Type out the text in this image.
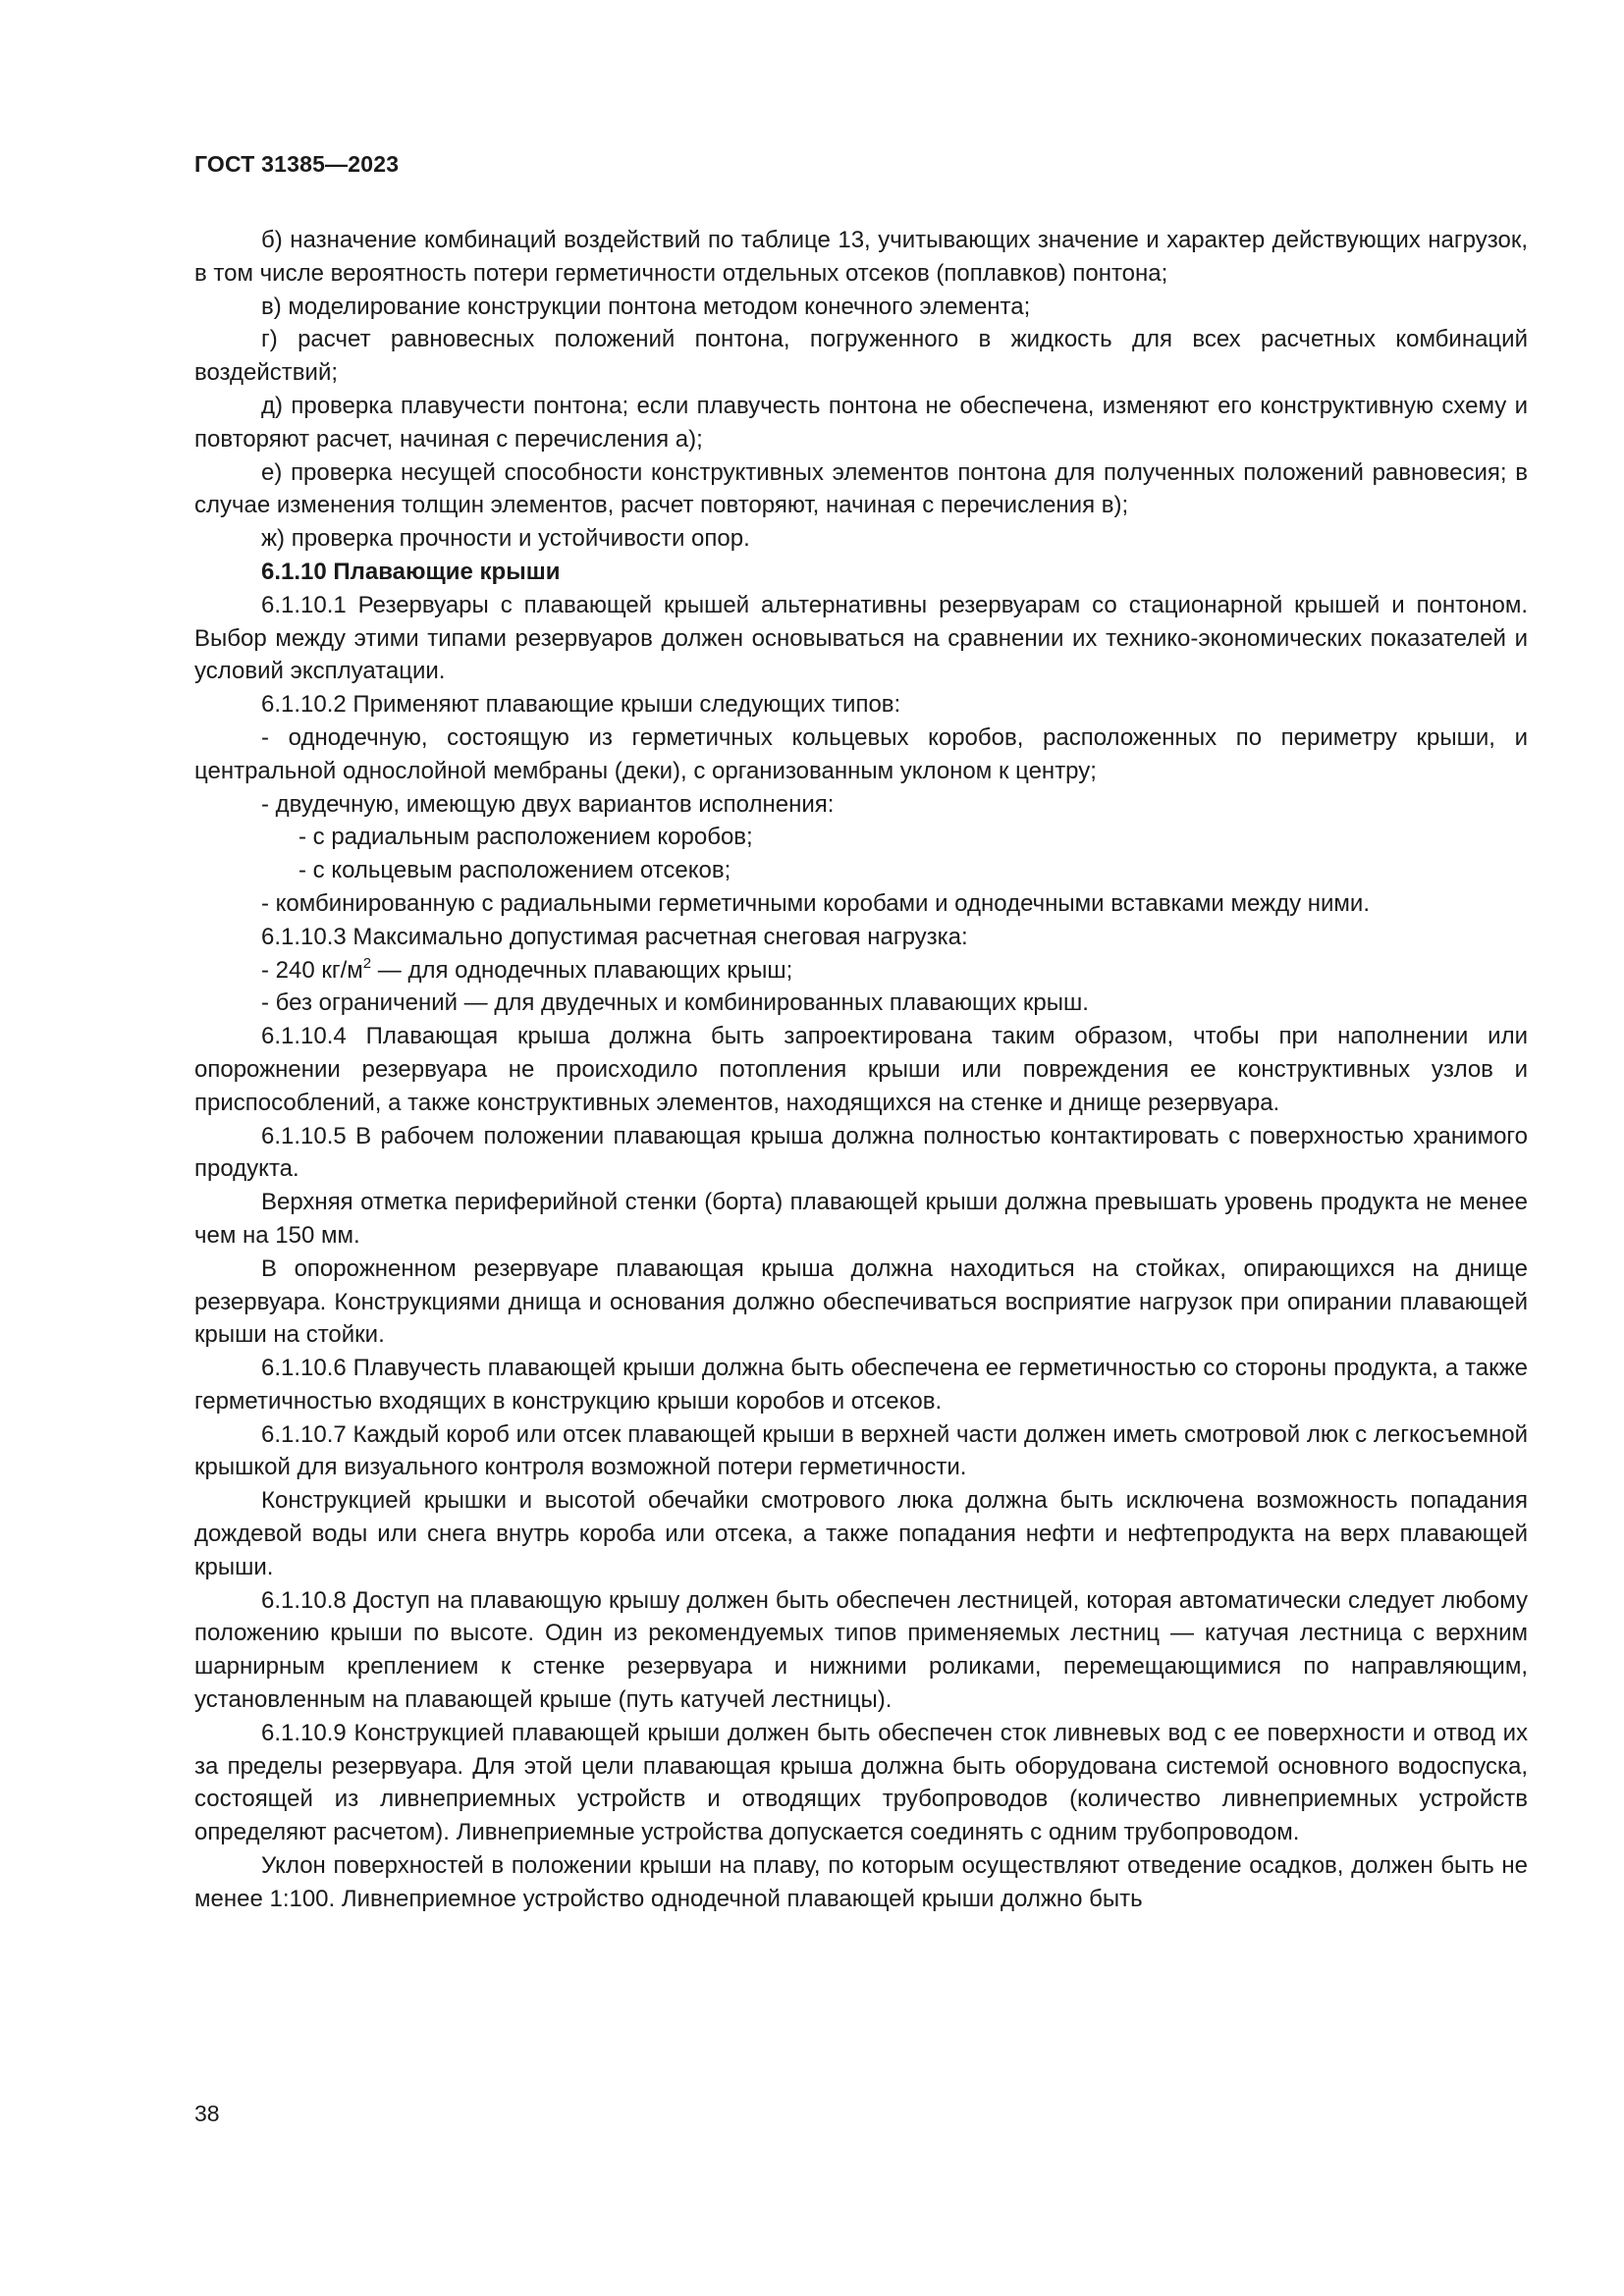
ГОСТ 31385—2023

б) назначение комбинаций воздействий по таблице 13, учитывающих значение и характер действующих нагрузок, в том числе вероятность потери герметичности отдельных отсеков (поплавков) понтона;

в) моделирование конструкции понтона методом конечного элемента;

г) расчет равновесных положений понтона, погруженного в жидкость для всех расчетных комбинаций воздействий;

д) проверка плавучести понтона; если плавучесть понтона не обеспечена, изменяют его конструктивную схему и повторяют расчет, начиная с перечисления а);

е) проверка несущей способности конструктивных элементов понтона для полученных положений равновесия; в случае изменения толщин элементов, расчет повторяют, начиная с перечисления в);

ж) проверка прочности и устойчивости опор.

6.1.10 Плавающие крыши

6.1.10.1 Резервуары с плавающей крышей альтернативны резервуарам со стационарной крышей и понтоном. Выбор между этими типами резервуаров должен основываться на сравнении их технико-экономических показателей и условий эксплуатации.

6.1.10.2 Применяют плавающие крыши следующих типов:

- однодечную, состоящую из герметичных кольцевых коробов, расположенных по периметру крыши, и центральной однослойной мембраны (деки), с организованным уклоном к центру;

- двудечную, имеющую двух вариантов исполнения:

- с радиальным расположением коробов;

- с кольцевым расположением отсеков;

- комбинированную с радиальными герметичными коробами и однодечными вставками между ними.

6.1.10.3 Максимально допустимая расчетная снеговая нагрузка:

- 240 $кг/м^2$ — для однодечных плавающих крыш;

- без ограничений — для двудечных и комбинированных плавающих крыш.

6.1.10.4 Плавающая крыша должна быть запроектирована таким образом, чтобы при наполнении или опорожнении резервуара не происходило потопления крыши или повреждения ее конструктивных узлов и приспособлений, а также конструктивных элементов, находящихся на стенке и днище резервуара.

6.1.10.5 В рабочем положении плавающая крыша должна полностью контактировать с поверхностью хранимого продукта.

Верхняя отметка периферийной стенки (борта) плавающей крыши должна превышать уровень продукта не менее чем на 150 мм.

В опорожненном резервуаре плавающая крыша должна находиться на стойках, опирающихся на днище резервуара. Конструкциями днища и основания должно обеспечиваться восприятие нагрузок при опирании плавающей крыши на стойки.

6.1.10.6 Плавучесть плавающей крыши должна быть обеспечена ее герметичностью со стороны продукта, а также герметичностью входящих в конструкцию крыши коробов и отсеков.

6.1.10.7 Каждый короб или отсек плавающей крыши в верхней части должен иметь смотровой люк с легкосъемной крышкой для визуального контроля возможной потери герметичности.

Конструкцией крышки и высотой обечайки смотрового люка должна быть исключена возможность попадания дождевой воды или снега внутрь короба или отсека, а также попадания нефти и нефтепродукта на верх плавающей крыши.

6.1.10.8 Доступ на плавающую крышу должен быть обеспечен лестницей, которая автоматически следует любому положению крыши по высоте. Один из рекомендуемых типов применяемых лестниц — катучая лестница с верхним шарнирным креплением к стенке резервуара и нижними роликами, перемещающимися по направляющим, установленным на плавающей крыше (путь катучей лестницы).

6.1.10.9 Конструкцией плавающей крыши должен быть обеспечен сток ливневых вод с ее поверхности и отвод их за пределы резервуара. Для этой цели плавающая крыша должна быть оборудована системой основного водоспуска, состоящей из ливнеприемных устройств и отводящих трубопроводов (количество ливнеприемных устройств определяют расчетом). Ливнеприемные устройства допускается соединять с одним трубопроводом.

Уклон поверхностей в положении крыши на плаву, по которым осуществляют отведение осадков, должен быть не менее 1:100. Ливнеприемное устройство однодечной плавающей крыши должно быть

38
